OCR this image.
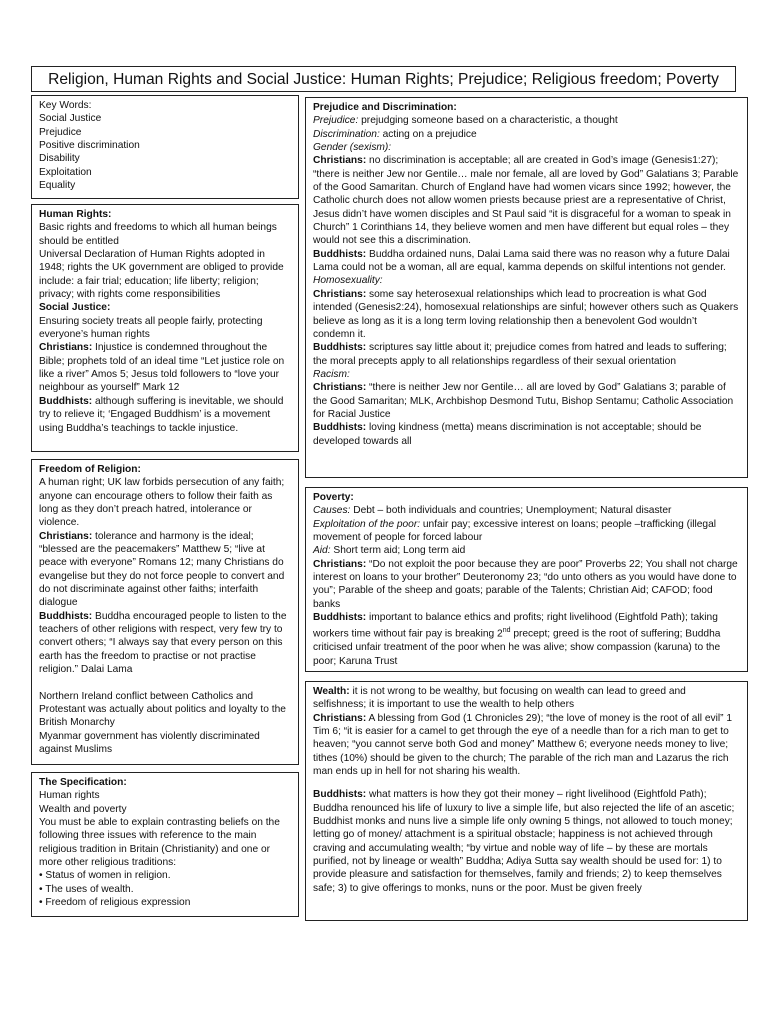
Religion, Human Rights and Social Justice: Human Rights; Prejudice; Religious freedom; Poverty

Key Words:

Social Justice

Prejudice

Positive discrimination

Disability

Exploitation

Equality

Human Rights:

Basic rights and freedoms to which all human beings should be entitled

Universal Declaration of Human Rights adopted in 1948; rights the UK government are obliged to provide include: a fair trial; education; life liberty; religion; privacy; with rights come responsibilities

Social Justice:

Ensuring society treats all people fairly, protecting everyone’s human rights

Christians: Injustice is condemned throughout the Bible; prophets told of an ideal time “Let justice role on like a river” Amos 5; Jesus told followers to “love your neighbour as yourself” Mark 12

Buddhists: although suffering is inevitable, we should try to relieve it; ‘Engaged Buddhism’ is a movement using Buddha’s teachings to tackle injustice.

Freedom of Religion:

A human right; UK law forbids persecution of any faith; anyone can encourage others to follow their faith as long as they don’t preach hatred, intolerance or violence.

Christians: tolerance and harmony is the ideal; “blessed are the peacemakers” Matthew 5; “live at peace with everyone” Romans 12; many Christians do evangelise but they do not force people to convert and do not discriminate against other faiths; interfaith dialogue

Buddhists: Buddha encouraged people to listen to the teachers of other religions with respect, very few try to convert others; “I always say that every person on this earth has the freedom to practise or not practise religion.” Dalai Lama

Northern Ireland conflict between Catholics and Protestant was actually about politics and loyalty to the British Monarchy

Myanmar government has violently discriminated against Muslims

The Specification:

Human rights

Wealth and poverty

You must be able to explain contrasting beliefs on the following three issues with reference to the main religious tradition in Britain (Christianity) and one or more other religious traditions:

• Status of women in religion.

• The uses of wealth.

• Freedom of religious expression

Prejudice and Discrimination:

Prejudice: prejudging someone based on a characteristic, a thought

Discrimination: acting on a prejudice

Gender (sexism):

Christians: no discrimination is acceptable; all are created in God’s image (Genesis1:27); “there is neither Jew nor Gentile… male nor female, all are loved by God” Galatians 3; Parable of the Good Samaritan. Church of England have had women vicars since 1992; however, the Catholic church does not allow women priests because priest are a representative of Christ, Jesus didn’t have women disciples and St Paul said “it is disgraceful for a woman to speak in Church” 1 Corinthians 14, they believe women and men have different but equal roles – they would not see this a discrimination.

Buddhists: Buddha ordained nuns, Dalai Lama said there was no reason why a future Dalai Lama could not be a woman, all are equal, kamma depends on skilful intentions not gender.

Homosexuality:

Christians: some say heterosexual relationships which lead to procreation is what God intended (Genesis2:24), homosexual relationships are sinful; however others such as Quakers believe as long as it is a long term loving relationship then a benevolent God wouldn’t condemn it.

Buddhists: scriptures say little about it; prejudice comes from hatred and leads to suffering; the moral precepts apply to all relationships regardless of their sexual orientation

Racism:

Christians: “there is neither Jew nor Gentile… all are loved by God” Galatians 3; parable of the Good Samaritan; MLK, Archbishop Desmond Tutu, Bishop Sentamu; Catholic Association for Racial Justice

Buddhists: loving kindness (metta) means discrimination is not acceptable; should be developed towards all

Poverty:

Causes: Debt – both individuals and countries; Unemployment; Natural disaster

Exploitation of the poor: unfair pay; excessive interest on loans; people –trafficking (illegal movement of people for forced labour

Aid: Short term aid; Long term aid

Christians: “Do not exploit the poor because they are poor” Proverbs 22; You shall not charge interest on loans to your brother” Deuteronomy 23; “do unto others as you would have done to you”; Parable of the sheep and goats; parable of the Talents; Christian Aid; CAFOD; food banks

Buddhists: important to balance ethics and profits; right livelihood (Eightfold Path); taking workers time without fair pay is breaking 2nd precept; greed is the root of suffering; Buddha criticised unfair treatment of the poor when he was alive; show compassion (karuna) to the poor; Karuna Trust

Wealth: it is not wrong to be wealthy, but focusing on wealth can lead to greed and selfishness; it is important to use the wealth to help others

Christians: A blessing from God (1 Chronicles 29); “the love of money is the root of all evil” 1 Tim 6; “it is easier for a camel to get through the eye of a needle than for a rich man to get to heaven; “you cannot serve both God and money” Matthew 6; everyone needs money to live; tithes (10%) should be given to the church; The parable of the rich man and Lazarus the rich man ends up in hell for not sharing his wealth.

Buddhists: what matters is how they got their money – right livelihood (Eightfold Path); Buddha renounced his life of luxury to live a simple life, but also rejected the life of an ascetic; Buddhist monks and nuns live a simple life only owning 5 things, not allowed to touch money; letting go of money/ attachment is a spiritual obstacle; happiness is not achieved through craving and accumulating wealth; “by virtue and noble way of life – by these are mortals purified, not by lineage or wealth” Buddha; Adiya Sutta say wealth should be used for: 1) to provide pleasure and satisfaction for themselves, family and friends; 2) to keep themselves safe; 3) to give offerings to monks, nuns or the poor. Must be given freely
